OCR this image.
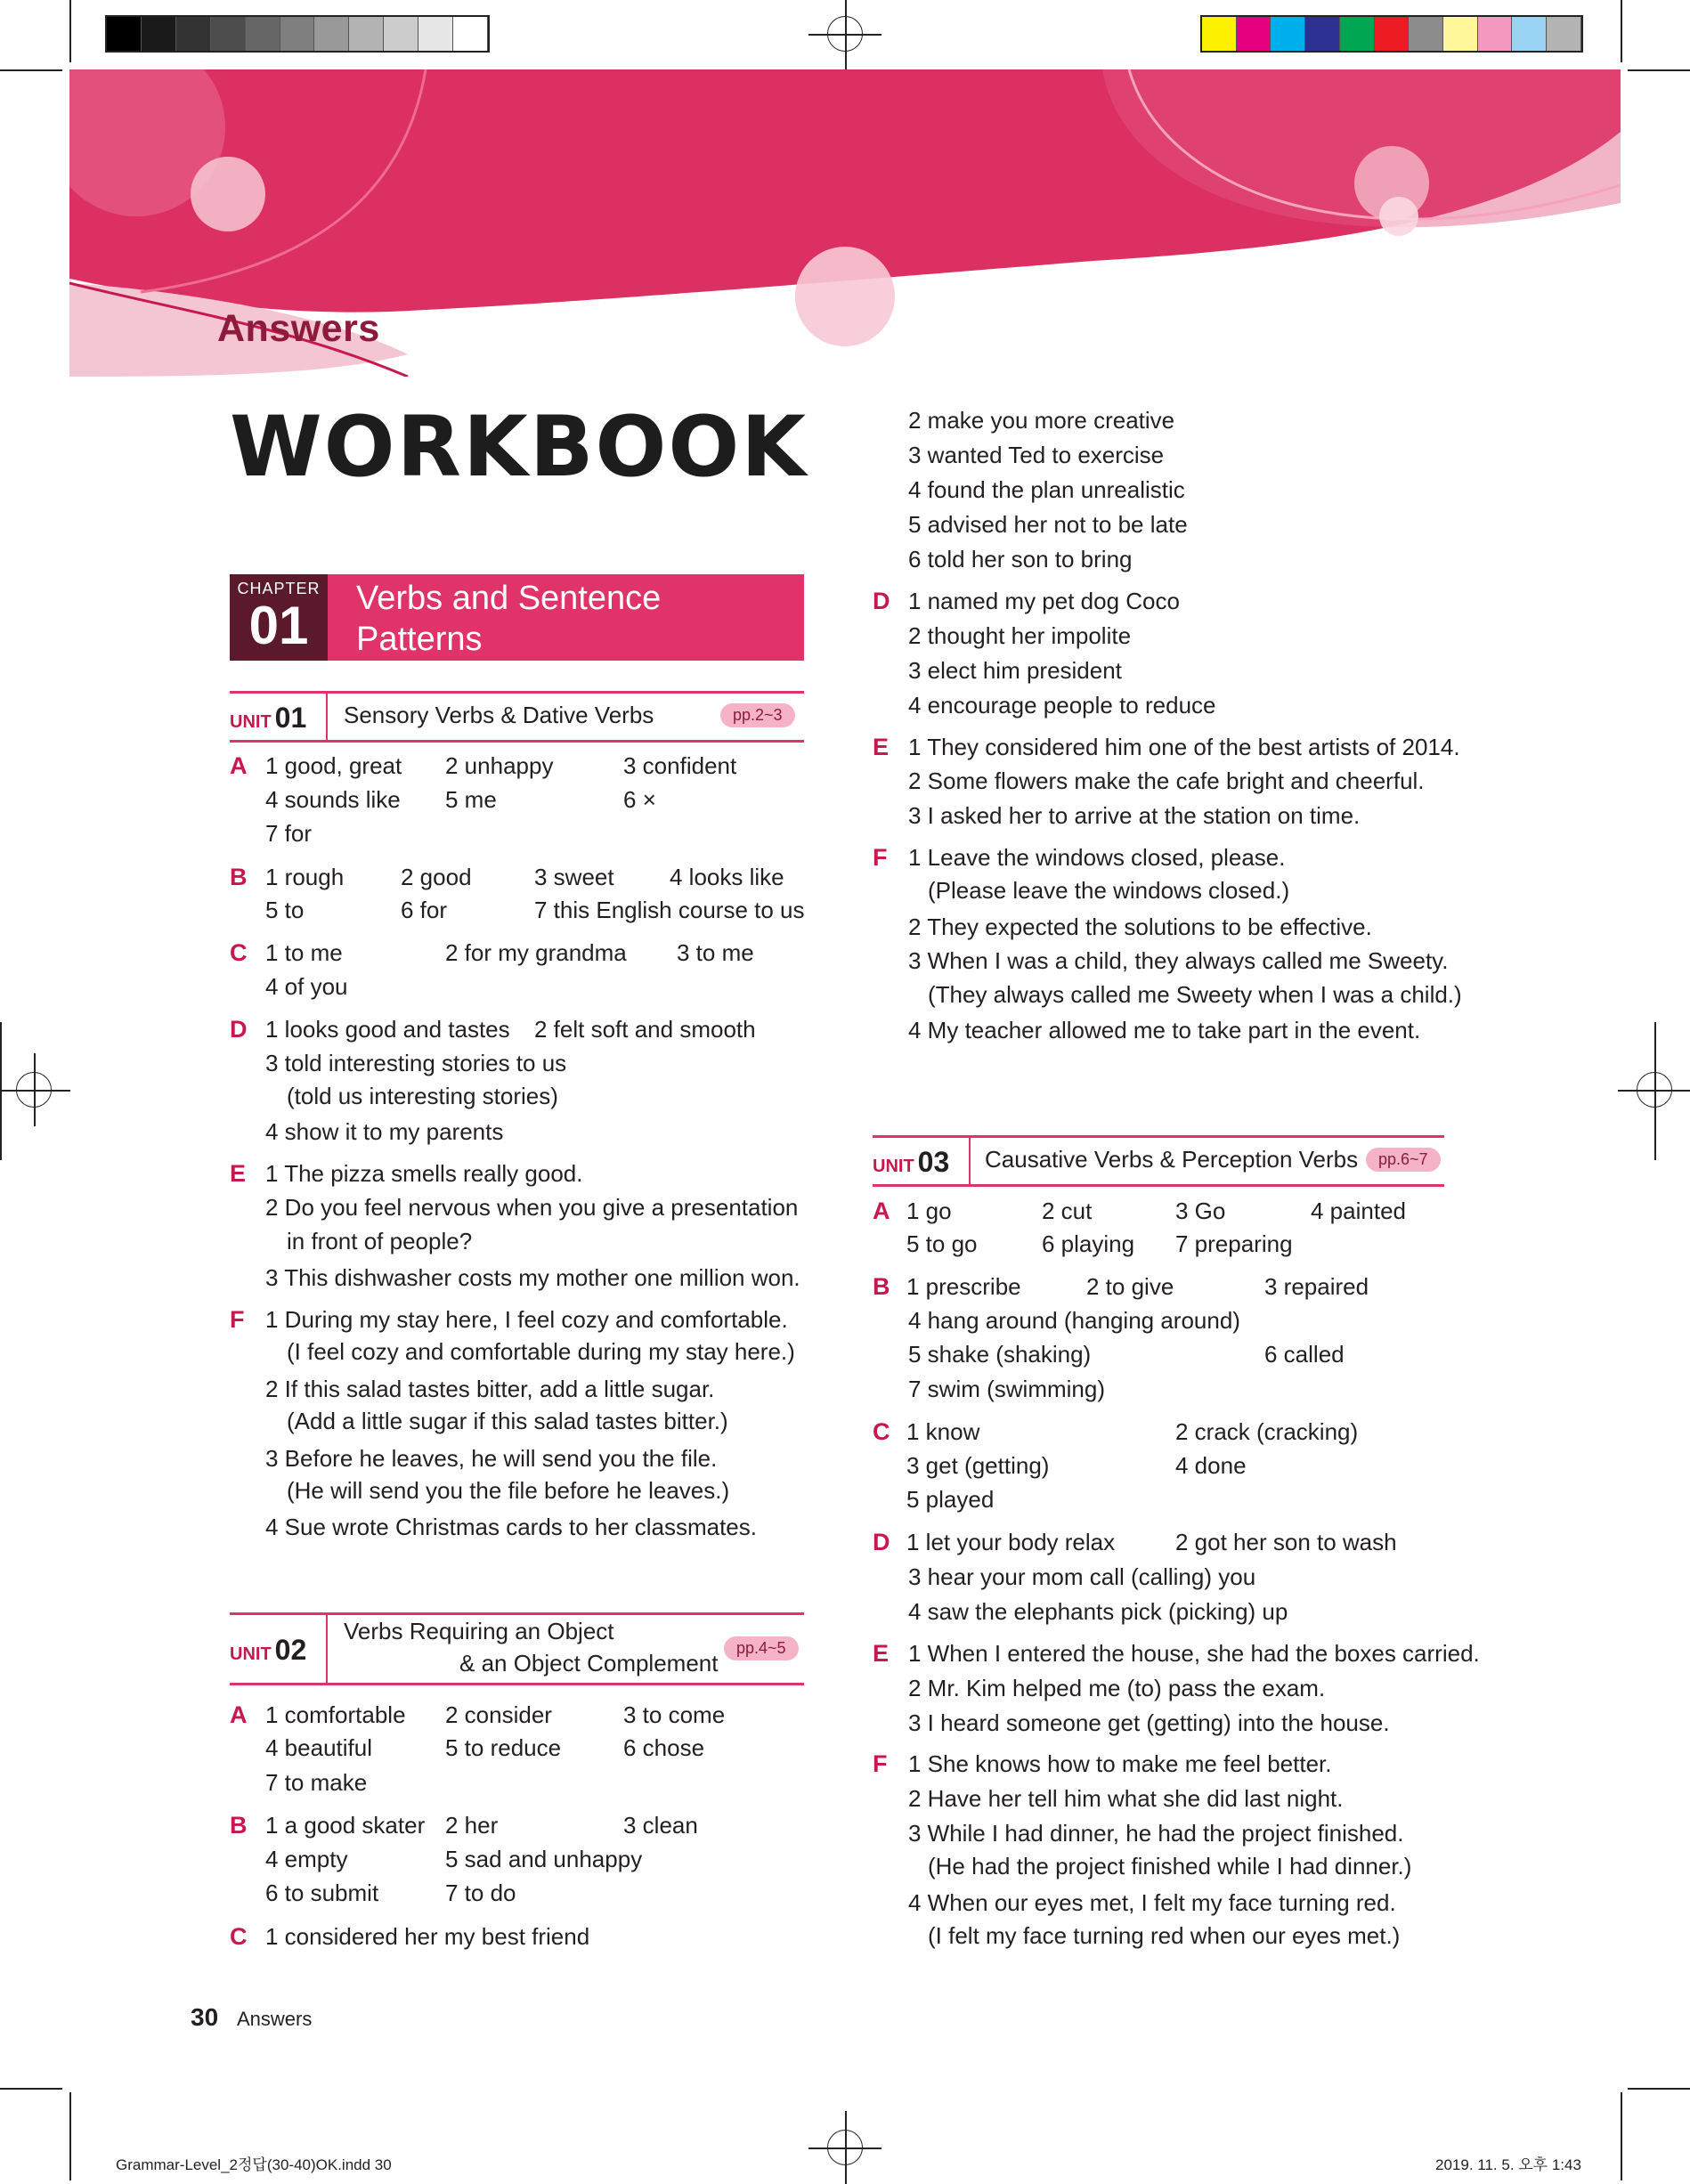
Answers
WORKBOOK
CHAPTER
01	Verbs and Sentence
Patterns
UNIT 01 Sensory Verbs & Dative Verbs	pp.2~3
A 1 good, great 2 unhappy	3 confident
4 sounds like 5 me	6 ×
7 for
B 1 rough 2 good	3 sweet 4 looks like
5 to	6 for	7 this English course to us
C 1 to me	2 for my grandma 3 to me
4 of you
D 1 looks good and tastes 2 felt soft and smooth
3 told interesting stories to us
(told us interesting stories)
4 show it to my parents
E 1 The pizza smells really good.
2 Do you feel nervous when you give a presentation
in front of people?
3 This dishwasher costs my mother one million won.
F 1 During my stay here, I feel cozy and comfortable.
(I feel cozy and comfortable during my stay here.)
2 If this salad tastes bitter, add a little sugar.
(Add a little sugar if this salad tastes bitter.)
3 Before he leaves, he will send you the file.
(He will send you the file before he leaves.)
4 Sue wrote Christmas cards to her classmates.
UNIT 02
Verbs Requiring an Object
& an Object Complement
pp.4~5
A 1 comfortable 2 consider	3 to come
4 beautiful	5 to reduce	6 chose
7 to make
B 1 a good skater 2 her	3 clean
4 empty	5 sad and unhappy
6 to submit	7 to do
C 1 considered her my best friend
2 make you more creative
3 wanted Ted to exercise
4 found the plan unrealistic
5 advised her not to be late
6 told her son to bring
D 1 named my pet dog Coco
2 thought her impolite
3 elect him president
4 encourage people to reduce
E 1 They considered him one of the best artists of 2014.
2 Some flowers make the cafe bright and cheerful.
3 I asked her to arrive at the station on time.
F 1 Leave the windows closed, please.
(Please leave the windows closed.)
2 They expected the solutions to be effective.
3 When I was a child, they always called me Sweety.
(They always called me Sweety when I was a child.)
4 My teacher allowed me to take part in the event.
UNIT 03 Causative Verbs & Perception Verbs	pp.6~7
A 1 go	2 cut	3 Go	4 painted
5 to go	6 playing 7 preparing
B 1 prescribe	2 to give	3 repaired
4 hang around (hanging around)
5 shake (shaking)	6 called
7 swim (swimming)
C 1 know	2 crack (cracking)
3 get (getting)	4 done
5 played
D 1 let your body relax	2 got her son to wash
3 hear your mom call (calling) you
4 saw the elephants pick (picking) up
E 1 When I entered the house, she had the boxes carried.
2 Mr. Kim helped me (to) pass the exam.
3 I heard someone get (getting) into the house.
F 1 She knows how to make me feel better.
2 Have her tell him what she did last night.
3 While I had dinner, he had the project finished.
(He had the project finished while I had dinner.)
4 When our eyes met, I felt my face turning red.
(I felt my face turning red when our eyes met.)
30 Answers
Grammar-Level_2정답(30-40)OK.indd 30	2019. 11. 5. 오후 1:43
